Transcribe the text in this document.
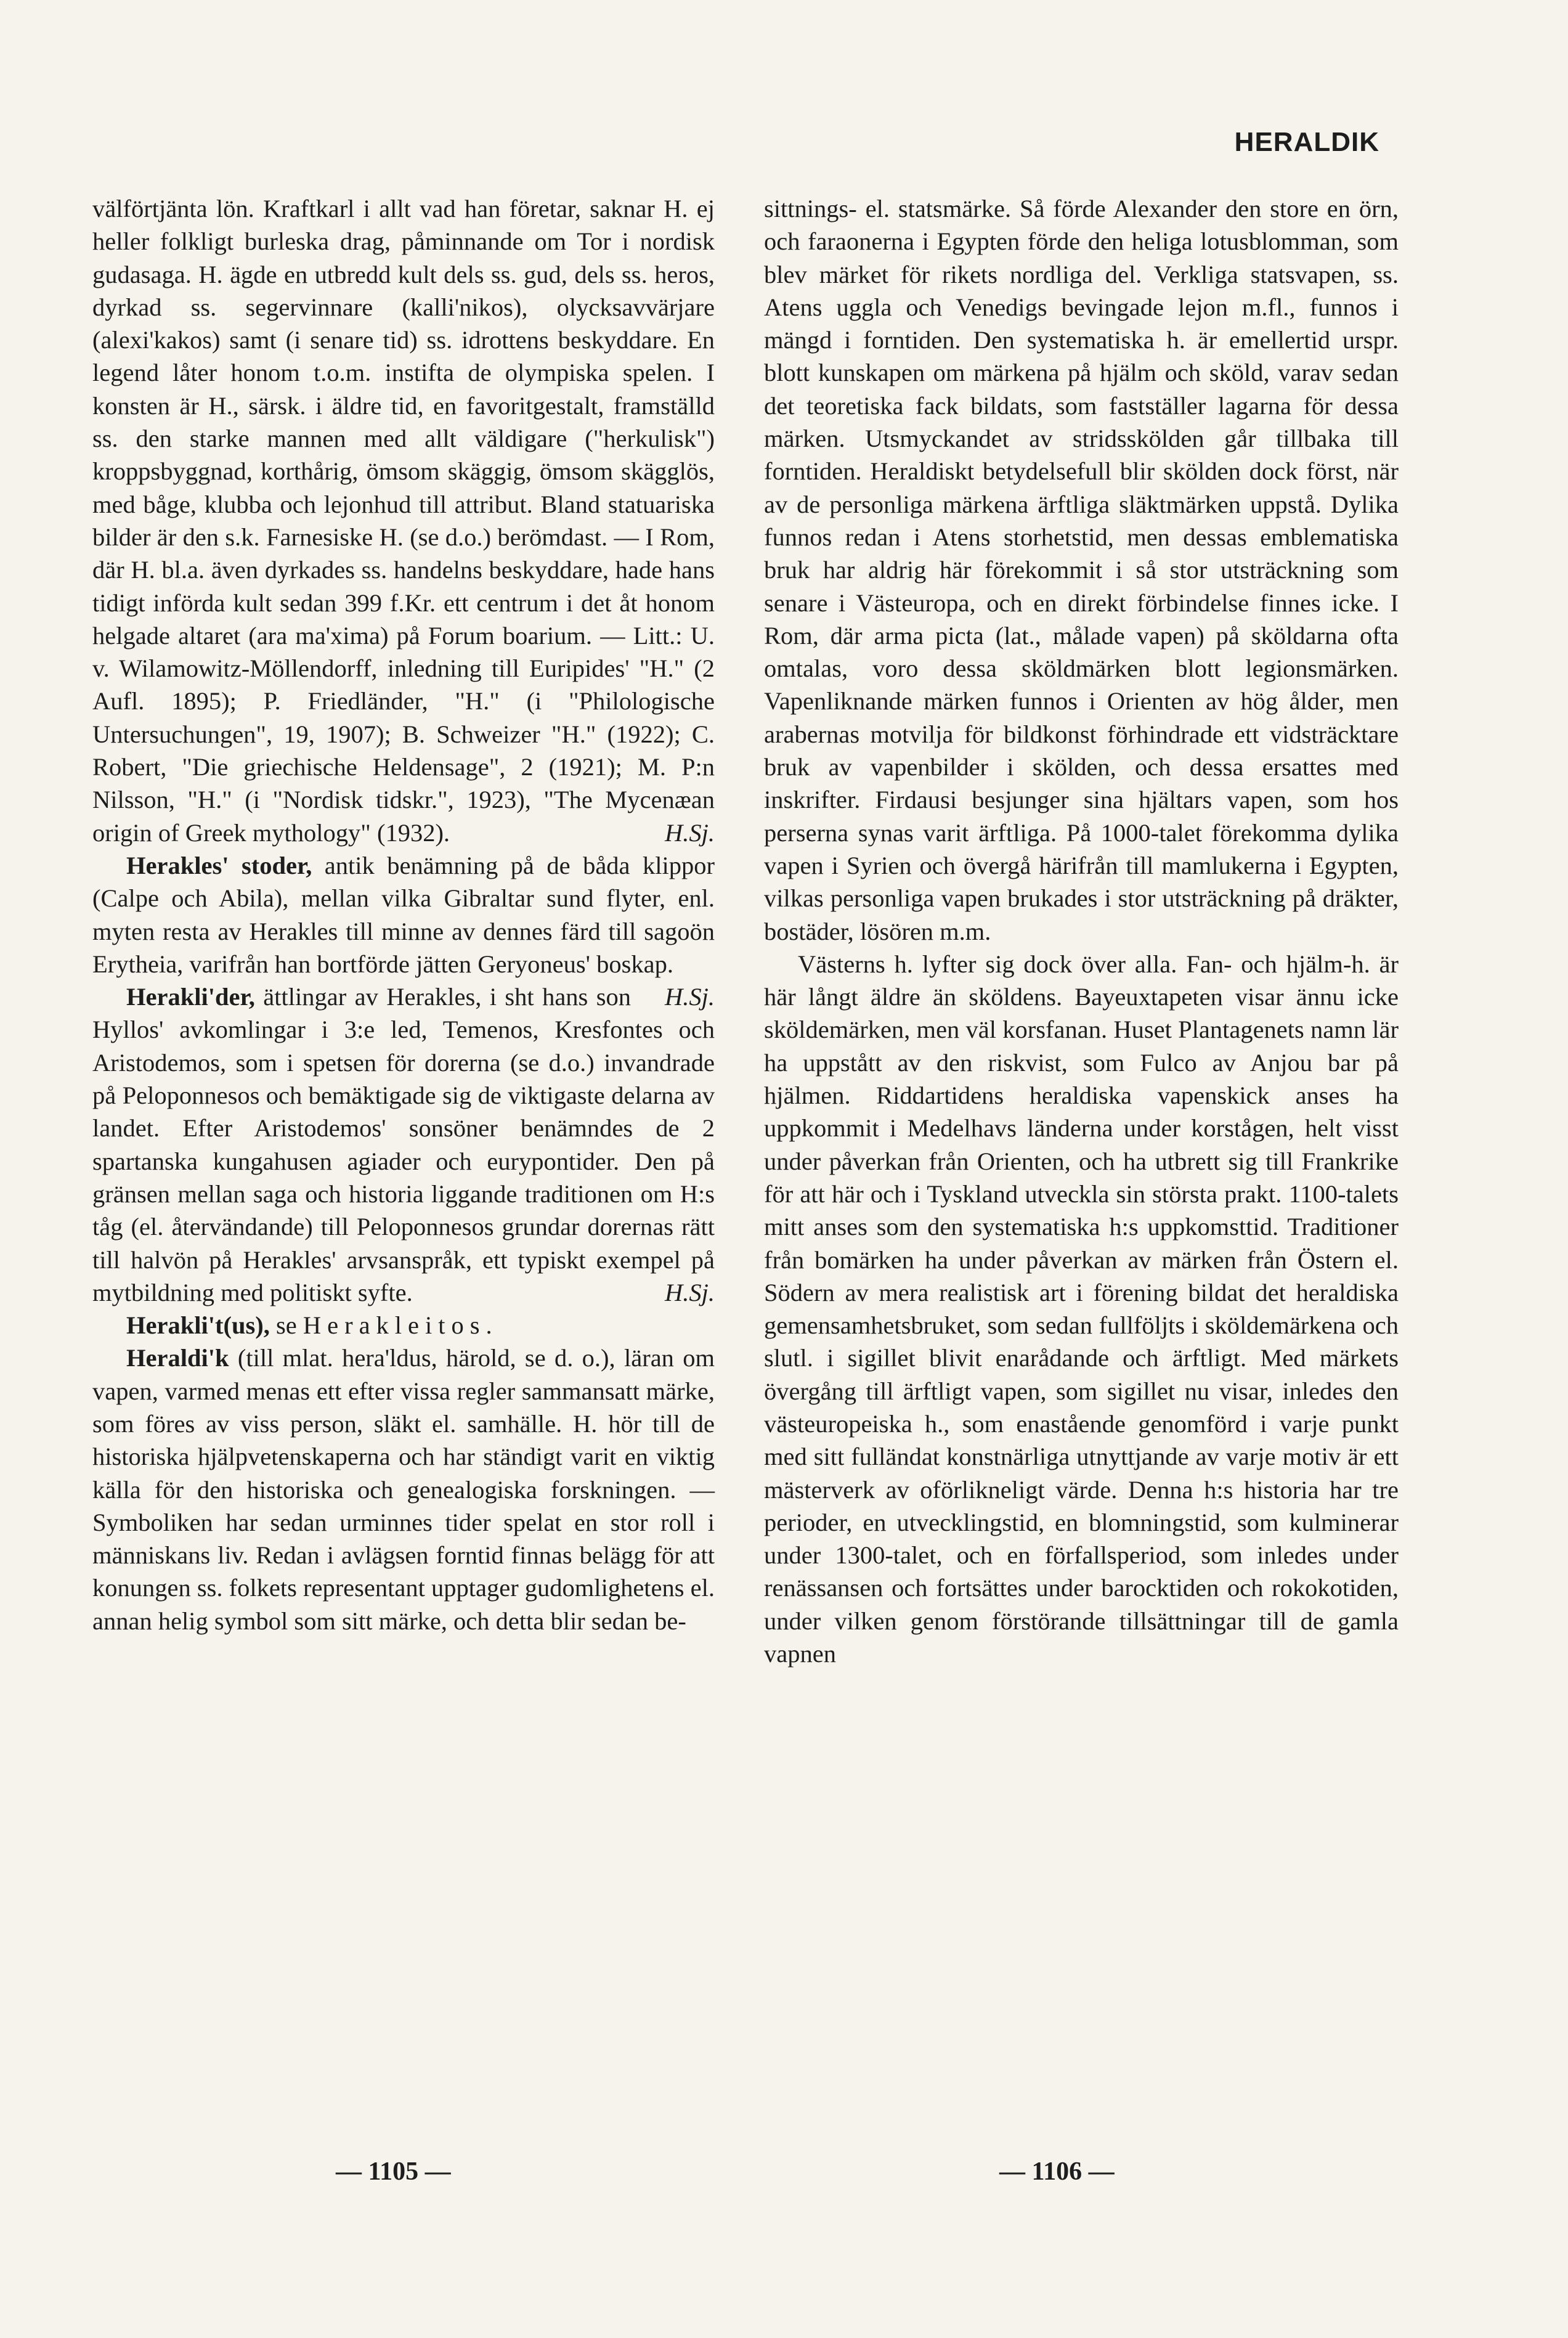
HERALDIK

välförtjänta lön. Kraftkarl i allt vad han företar, saknar H. ej heller folkligt burleska drag, påminnande om Tor i nordisk gudasaga. H. ägde en utbredd kult dels ss. gud, dels ss. heros, dyrkad ss. segervinnare (kalli'nikos), olycksavvärjare (alexi'kakos) samt (i senare tid) ss. idrottens beskyddare. En legend låter honom t.o.m. instifta de olympiska spelen. I konsten är H., särsk. i äldre tid, en favoritgestalt, framställd ss. den starke mannen med allt väldigare ("herkulisk") kroppsbyggnad, korthårig, ömsom skäggig, ömsom skägglös, med båge, klubba och lejonhud till attribut. Bland statuariska bilder är den s.k. Farnesiske H. (se d.o.) berömdast. — I Rom, där H. bl.a. även dyrkades ss. handelns beskyddare, hade hans tidigt införda kult sedan 399 f.Kr. ett centrum i det åt honom helgade altaret (ara ma'xima) på Forum boarium. — Litt.: U. v. Wilamowitz-Möllendorff, inledning till Euripides' "H." (2 Aufl. 1895); P. Friedländer, "H." (i "Philologische Untersuchungen", 19, 1907); B. Schweizer "H." (1922); C. Robert, "Die griechische Heldensage", 2 (1921); M. P:n Nilsson, "H." (i "Nordisk tidskr.", 1923), "The Mycenæan origin of Greek mythology" (1932).	H.Sj.

Herakles' stoder, antik benämning på de båda klippor (Calpe och Abila), mellan vilka Gibraltar sund flyter, enl. myten resta av Herakles till minne av dennes färd till sagoön Erytheia, varifrån han bortförde jätten Geryoneus' boskap.
H.Sj.

Herakli'der, ättlingar av Herakles, i sht hans son Hyllos' avkomlingar i 3:e led, Temenos, Kresfontes och Aristodemos, som i spetsen för dorerna (se d.o.) invandrade på Peloponnesos och bemäktigade sig de viktigaste delarna av landet. Efter Aristodemos' sonsöner benämndes de 2 spartanska kungahusen agiader och eurypontider. Den på gränsen mellan saga och historia liggande traditionen om H:s tåg (el. återvändande) till Peloponnesos grundar dorernas rätt till halvön på Herakles' arvsanspråk, ett typiskt exempel på mytbildning med politiskt syfte.	H.Sj.

Herakli't(us), se Herakleitos.

Heraldi'k (till mlat. hera'ldus, härold, se d. o.), läran om vapen, varmed menas ett efter vissa regler sammansatt märke, som föres av viss person, släkt el. samhälle. H. hör till de historiska hjälpvetenskaperna och har ständigt varit en viktig källa för den historiska och genealogiska forskningen. — Symboliken har sedan urminnes tider spelat en stor roll i människans liv. Redan i avlägsen forntid finnas belägg för att konungen ss. folkets representant upptager gudomlighetens el. annan helig symbol som sitt märke, och detta blir sedan be-

sittnings- el. statsmärke. Så förde Alexander den store en örn, och faraonerna i Egypten förde den heliga lotusblomman, som blev märket för rikets nordliga del. Verkliga statsvapen, ss. Atens uggla och Venedigs bevingade lejon m.fl., funnos i mängd i forntiden. Den systematiska h. är emellertid urspr. blott kunskapen om märkena på hjälm och sköld, varav sedan det teoretiska fack bildats, som fastställer lagarna för dessa märken. Utsmyckandet av stridsskölden går tillbaka till forntiden. Heraldiskt betydelsefull blir skölden dock först, när av de personliga märkena ärftliga släktmärken uppstå. Dylika funnos redan i Atens storhetstid, men dessas emblematiska bruk har aldrig här förekommit i så stor utsträckning som senare i Västeuropa, och en direkt förbindelse finnes icke. I Rom, där arma picta (lat., målade vapen) på sköldarna ofta omtalas, voro dessa sköldmärken blott legionsmärken. Vapenliknande märken funnos i Orienten av hög ålder, men arabernas motvilja för bildkonst förhindrade ett vidsträcktare bruk av vapenbilder i skölden, och dessa ersattes med inskrifter. Firdausi besjunger sina hjältars vapen, som hos perserna synas varit ärftliga. På 1000-talet förekomma dylika vapen i Syrien och övergå härifrån till mamlukerna i Egypten, vilkas personliga vapen brukades i stor utsträckning på dräkter, bostäder, lösören m.m.

Västerns h. lyfter sig dock över alla. Fan- och hjälm-h. är här långt äldre än sköldens. Bayeuxtapeten visar ännu icke sköldemärken, men väl korsfanan. Huset Plantagenets namn lär ha uppstått av den riskvist, som Fulco av Anjou bar på hjälmen. Riddartidens heraldiska vapenskick anses ha uppkommit i Medelhavs länderna under korstågen, helt visst under påverkan från Orienten, och ha utbrett sig till Frankrike för att här och i Tyskland utveckla sin största prakt. 1100-talets mitt anses som den systematiska h:s uppkomsttid. Traditioner från bomärken ha under påverkan av märken från Östern el. Södern av mera realistisk art i förening bildat det heraldiska gemensamhetsbruket, som sedan fullföljts i sköldemärkena och slutl. i sigillet blivit enarådande och ärftligt. Med märkets övergång till ärftligt vapen, som sigillet nu visar, inledes den västeuropeiska h., som enastående genomförd i varje punkt med sitt fulländat konstnärliga utnyttjande av varje motiv är ett mästerverk av oförlikneligt värde. Denna h:s historia har tre perioder, en utvecklingstid, en blomningstid, som kulminerar under 1300-talet, och en förfallsperiod, som inledes under renässansen och fortsättes under barocktiden och rokokotiden, under vilken genom förstörande tillsättningar till de gamla vapnen

— 1105 —	— 1106 —
